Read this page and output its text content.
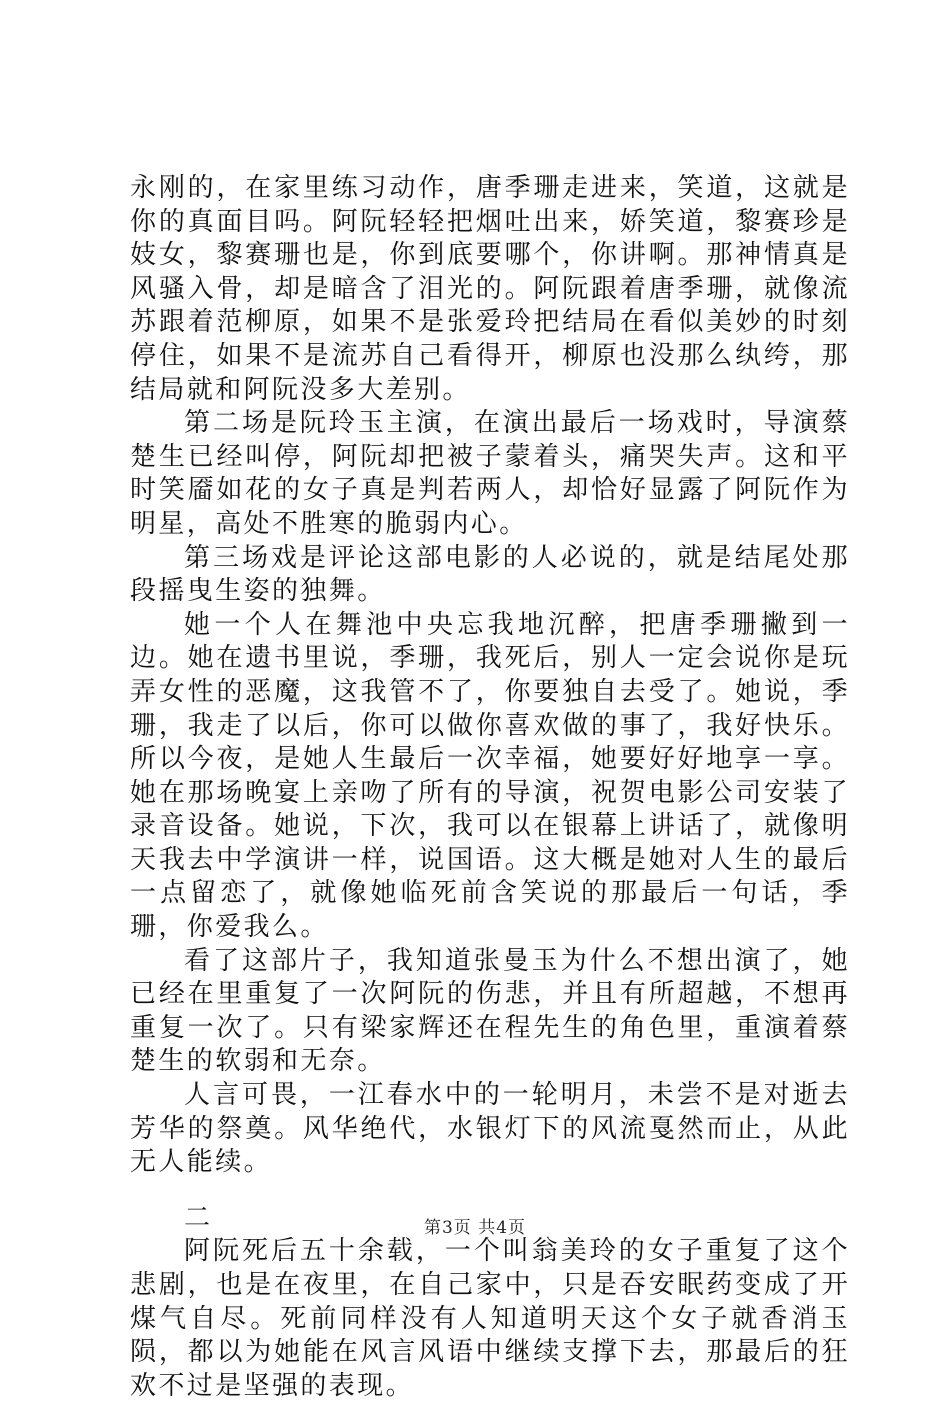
永刚的，在家里练习动作，唐季珊走进来，笑道，这就是你的真面目吗。阿阮轻轻把烟吐出来，娇笑道，黎赛珍是妓女，黎赛珊也是，你到底要哪个，你讲啊。那神情真是风骚入骨，却是暗含了泪光的。阿阮跟着唐季珊，就像流苏跟着范柳原，如果不是张爱玲把结局在看似美妙的时刻停住，如果不是流苏自己看得开，柳原也没那么纨绔，那结局就和阿阮没多大差别。

第二场是阮玲玉主演，在演出最后一场戏时，导演蔡楚生已经叫停，阿阮却把被子蒙着头，痛哭失声。这和平时笑靥如花的女子真是判若两人，却恰好显露了阿阮作为明星，高处不胜寒的脆弱内心。

第三场戏是评论这部电影的人必说的，就是结尾处那段摇曳生姿的独舞。

她一个人在舞池中央忘我地沉醉，把唐季珊撇到一边。她在遗书里说，季珊，我死后，别人一定会说你是玩弄女性的恶魔，这我管不了，你要独自去受了。她说，季珊，我走了以后，你可以做你喜欢做的事了，我好快乐。所以今夜，是她人生最后一次幸福，她要好好地享一享。她在那场晚宴上亲吻了所有的导演，祝贺电影公司安装了录音设备。她说，下次，我可以在银幕上讲话了，就像明天我去中学演讲一样，说国语。这大概是她对人生的最后一点留恋了，就像她临死前含笑说的那最后一句话，季珊，你爱我么。

看了这部片子，我知道张曼玉为什么不想出演了，她已经在里重复了一次阿阮的伤悲，并且有所超越，不想再重复一次了。只有梁家辉还在程先生的角色里，重演着蔡楚生的软弱和无奈。

人言可畏，一江春水中的一轮明月，未尝不是对逝去芳华的祭奠。风华绝代，水银灯下的风流戛然而止，从此无人能续。

二

阿阮死后五十余载，一个叫翁美玲的女子重复了这个悲剧，也是在夜里，在自己家中，只是吞安眠药变成了开煤气自尽。死前同样没有人知道明天这个女子就香消玉陨，都以为她能在风言风语中继续支撑下去，那最后的狂欢不过是坚强的表现。

第3页 共4页
